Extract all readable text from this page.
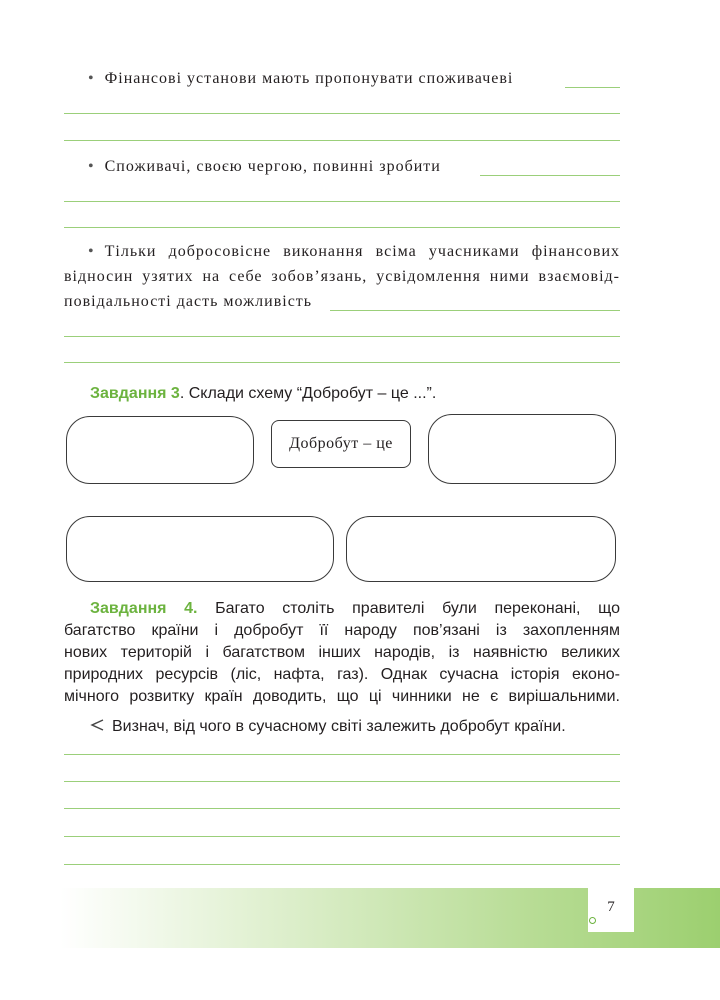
• Фінансові установи мають пропонувати споживачеві
• Споживачі, своєю чергою, повинні зробити
• Тільки добросовісне виконання всіма учасниками фінансових
відносин узятих на себе зобов’язань, усвідомлення ними взаємовід-
повідальності дасть можливість
Завдання 3. Склади схему “Добробут – це ...”.
Добробут – це
Завдання 4. Багато століть правителі були переконані, що
багатство країни і добробут її народу пов’язані із захопленням
нових територій і багатством інших народів, із наявністю великих
природних ресурсів (ліс, нафта, газ). Однак сучасна історія еконо-
мічного розвитку країн доводить, що ці чинники не є вирішальними.
Визнач, від чого в сучасному світі залежить добробут країни.
7
